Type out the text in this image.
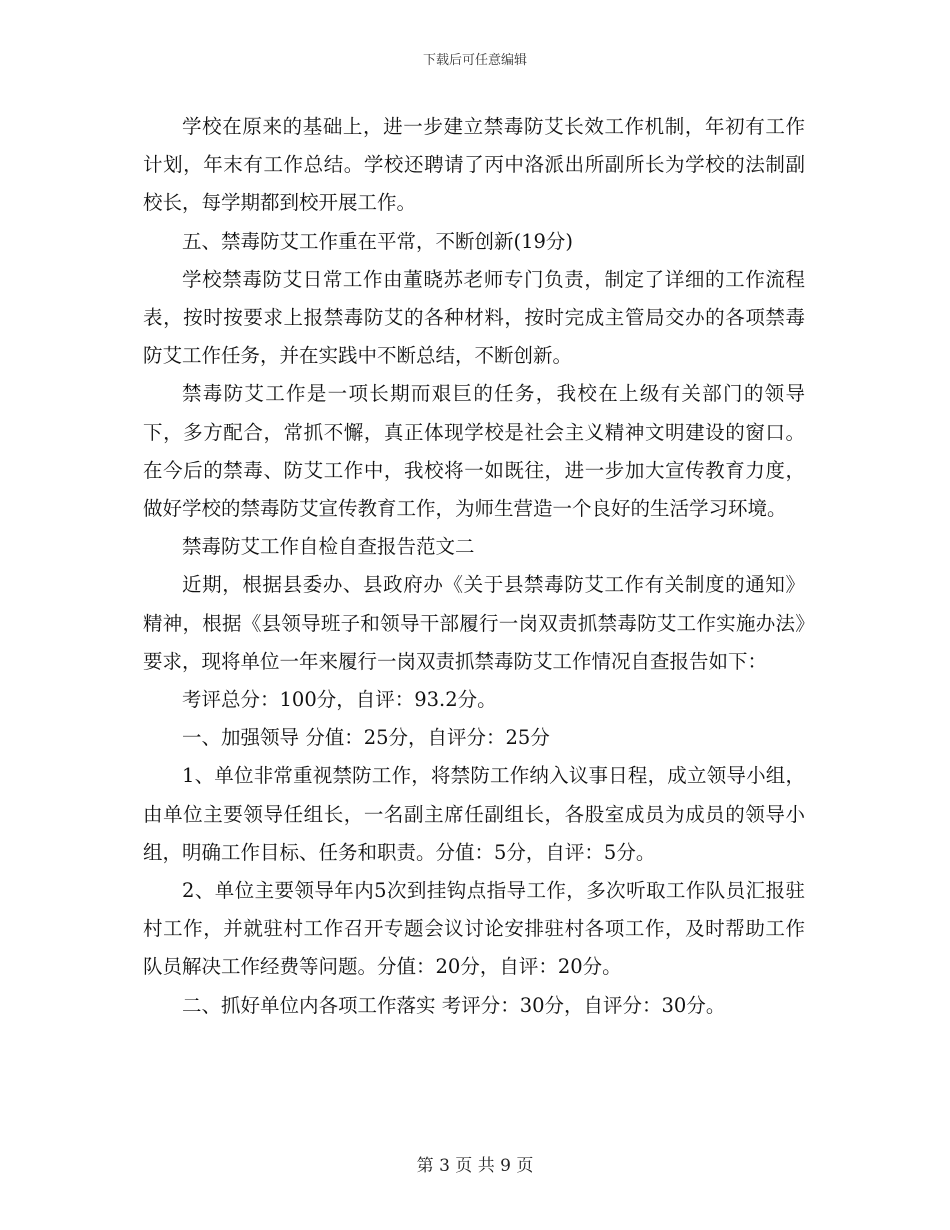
下载后可任意编辑

学校在原来的基础上，进一步建立禁毒防艾长效工作机制，年初有工作计划，年末有工作总结。学校还聘请了丙中洛派出所副所长为学校的法制副校长，每学期都到校开展工作。

五、禁毒防艾工作重在平常，不断创新(19分)

学校禁毒防艾日常工作由董晓苏老师专门负责，制定了详细的工作流程表，按时按要求上报禁毒防艾的各种材料，按时完成主管局交办的各项禁毒防艾工作任务，并在实践中不断总结，不断创新。

禁毒防艾工作是一项长期而艰巨的任务，我校在上级有关部门的领导下，多方配合，常抓不懈，真正体现学校是社会主义精神文明建设的窗口。在今后的禁毒、防艾工作中，我校将一如既往，进一步加大宣传教育力度，做好学校的禁毒防艾宣传教育工作，为师生营造一个良好的生活学习环境。

禁毒防艾工作自检自查报告范文二

近期，根据县委办、县政府办《关于县禁毒防艾工作有关制度的通知》精神，根据《县领导班子和领导干部履行一岗双责抓禁毒防艾工作实施办法》要求，现将单位一年来履行一岗双责抓禁毒防艾工作情况自查报告如下：

考评总分：100分，自评：93.2分。

一、加强领导 分值：25分，自评分：25分

1、单位非常重视禁防工作，将禁防工作纳入议事日程，成立领导小组，由单位主要领导任组长，一名副主席任副组长，各股室成员为成员的领导小组，明确工作目标、任务和职责。分值：5分，自评：5分。

2、单位主要领导年内5次到挂钩点指导工作，多次听取工作队员汇报驻村工作，并就驻村工作召开专题会议讨论安排驻村各项工作，及时帮助工作队员解决工作经费等问题。分值：20分，自评：20分。

二、抓好单位内各项工作落实 考评分：30分，自评分：30分。

第 3 页 共 9 页
